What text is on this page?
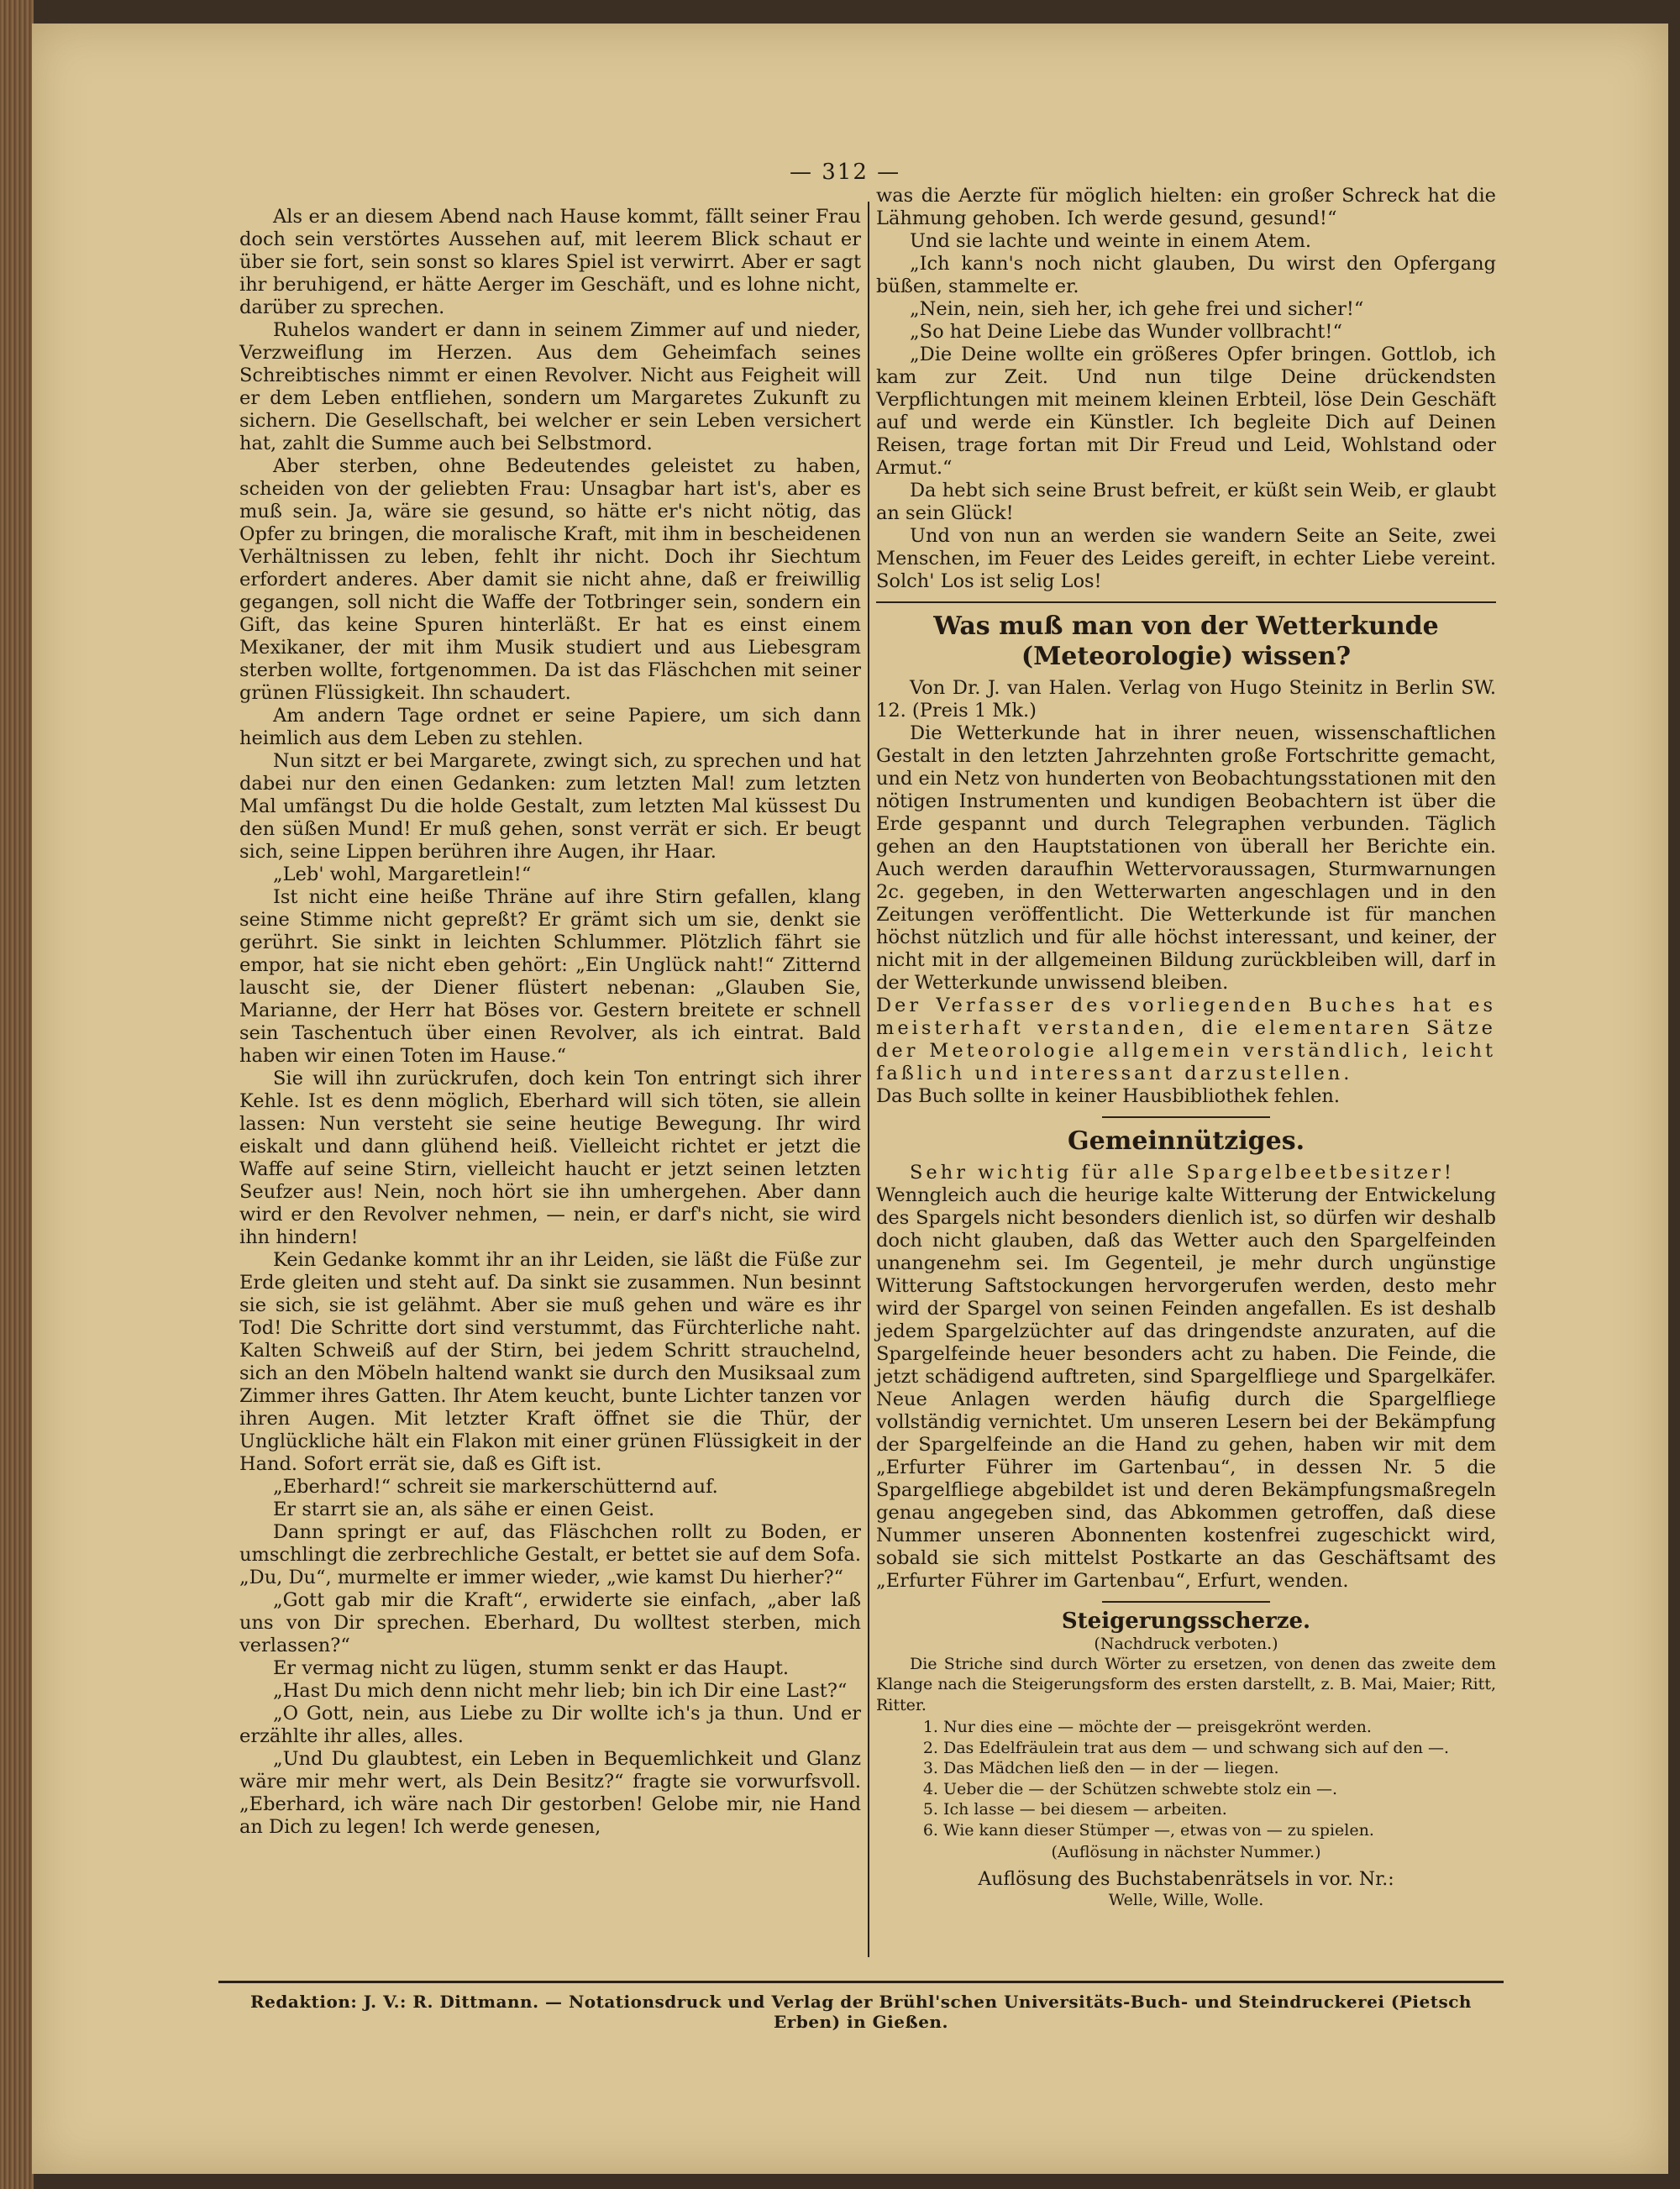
— 312 —

Als er an diesem Abend nach Hause kommt, fällt seiner Frau doch sein verstörtes Aussehen auf, mit leerem Blick schaut er über sie fort, sein sonst so klares Spiel ist verwirrt. Aber er sagt ihr beruhigend, er hätte Aerger im Geschäft, und es lohne nicht, darüber zu sprechen.

Ruhelos wandert er dann in seinem Zimmer auf und nieder, Verzweiflung im Herzen. Aus dem Geheimfach seines Schreibtisches nimmt er einen Revolver. Nicht aus Feigheit will er dem Leben entfliehen, sondern um Margaretes Zukunft zu sichern. Die Gesellschaft, bei welcher er sein Leben versichert hat, zahlt die Summe auch bei Selbstmord.

Aber sterben, ohne Bedeutendes geleistet zu haben, scheiden von der geliebten Frau: Unsagbar hart ist's, aber es muß sein. Ja, wäre sie gesund, so hätte er's nicht nötig, das Opfer zu bringen, die moralische Kraft, mit ihm in bescheidenen Verhältnissen zu leben, fehlt ihr nicht. Doch ihr Siechtum erfordert anderes. Aber damit sie nicht ahne, daß er freiwillig gegangen, soll nicht die Waffe der Totbringer sein, sondern ein Gift, das keine Spuren hinterläßt. Er hat es einst einem Mexikaner, der mit ihm Musik studiert und aus Liebesgram sterben wollte, fortgenommen. Da ist das Fläschchen mit seiner grünen Flüssigkeit. Ihn schaudert.

Am andern Tage ordnet er seine Papiere, um sich dann heimlich aus dem Leben zu stehlen.

Nun sitzt er bei Margarete, zwingt sich, zu sprechen und hat dabei nur den einen Gedanken: zum letzten Mal! zum letzten Mal umfängst Du die holde Gestalt, zum letzten Mal küssest Du den süßen Mund! Er muß gehen, sonst verrät er sich. Er beugt sich, seine Lippen berühren ihre Augen, ihr Haar.

„Leb' wohl, Margaretlein!“

Ist nicht eine heiße Thräne auf ihre Stirn gefallen, klang seine Stimme nicht gepreßt? Er grämt sich um sie, denkt sie gerührt. Sie sinkt in leichten Schlummer. Plötzlich fährt sie empor, hat sie nicht eben gehört: „Ein Unglück naht!“ Zitternd lauscht sie, der Diener flüstert nebenan: „Glauben Sie, Marianne, der Herr hat Böses vor. Gestern breitete er schnell sein Taschentuch über einen Revolver, als ich eintrat. Bald haben wir einen Toten im Hause.“

Sie will ihn zurückrufen, doch kein Ton entringt sich ihrer Kehle. Ist es denn möglich, Eberhard will sich töten, sie allein lassen: Nun versteht sie seine heutige Bewegung. Ihr wird eiskalt und dann glühend heiß. Vielleicht richtet er jetzt die Waffe auf seine Stirn, vielleicht haucht er jetzt seinen letzten Seufzer aus! Nein, noch hört sie ihn umhergehen. Aber dann wird er den Revolver nehmen, — nein, er darf's nicht, sie wird ihn hindern!

Kein Gedanke kommt ihr an ihr Leiden, sie läßt die Füße zur Erde gleiten und steht auf. Da sinkt sie zusammen. Nun besinnt sie sich, sie ist gelähmt. Aber sie muß gehen und wäre es ihr Tod! Die Schritte dort sind verstummt, das Fürchterliche naht. Kalten Schweiß auf der Stirn, bei jedem Schritt strauchelnd, sich an den Möbeln haltend wankt sie durch den Musiksaal zum Zimmer ihres Gatten. Ihr Atem keucht, bunte Lichter tanzen vor ihren Augen. Mit letzter Kraft öffnet sie die Thür, der Unglückliche hält ein Flakon mit einer grünen Flüssigkeit in der Hand. Sofort errät sie, daß es Gift ist.

„Eberhard!“ schreit sie markerschütternd auf.

Er starrt sie an, als sähe er einen Geist.

Dann springt er auf, das Fläschchen rollt zu Boden, er umschlingt die zerbrechliche Gestalt, er bettet sie auf dem Sofa. „Du, Du“, murmelte er immer wieder, „wie kamst Du hierher?“

„Gott gab mir die Kraft“, erwiderte sie einfach, „aber laß uns von Dir sprechen. Eberhard, Du wolltest sterben, mich verlassen?“

Er vermag nicht zu lügen, stumm senkt er das Haupt.

„Hast Du mich denn nicht mehr lieb; bin ich Dir eine Last?“

„O Gott, nein, aus Liebe zu Dir wollte ich's ja thun. Und er erzählte ihr alles, alles.

„Und Du glaubtest, ein Leben in Bequemlichkeit und Glanz wäre mir mehr wert, als Dein Besitz?“ fragte sie vorwurfsvoll. „Eberhard, ich wäre nach Dir gestorben! Gelobe mir, nie Hand an Dich zu legen! Ich werde genesen,

was die Aerzte für möglich hielten: ein großer Schreck hat die Lähmung gehoben. Ich werde gesund, gesund!“

Und sie lachte und weinte in einem Atem.

„Ich kann's noch nicht glauben, Du wirst den Opfergang büßen, stammelte er.

„Nein, nein, sieh her, ich gehe frei und sicher!“

„So hat Deine Liebe das Wunder vollbracht!“

„Die Deine wollte ein größeres Opfer bringen. Gottlob, ich kam zur Zeit. Und nun tilge Deine drückendsten Verpflichtungen mit meinem kleinen Erbteil, löse Dein Geschäft auf und werde ein Künstler. Ich begleite Dich auf Deinen Reisen, trage fortan mit Dir Freud und Leid, Wohlstand oder Armut.“

Da hebt sich seine Brust befreit, er küßt sein Weib, er glaubt an sein Glück!

Und von nun an werden sie wandern Seite an Seite, zwei Menschen, im Feuer des Leides gereift, in echter Liebe vereint. Solch' Los ist selig Los!

Was muß man von der Wetterkunde (Meteorologie) wissen?

Von Dr. J. van Halen. Verlag von Hugo Steinitz in Berlin SW. 12. (Preis 1 Mk.)

Die Wetterkunde hat in ihrer neuen, wissenschaftlichen Gestalt in den letzten Jahrzehnten große Fortschritte gemacht, und ein Netz von hunderten von Beobachtungsstationen mit den nötigen Instrumenten und kundigen Beobachtern ist über die Erde gespannt und durch Telegraphen verbunden. Täglich gehen an den Hauptstationen von überall her Berichte ein. Auch werden daraufhin Wettervoraussagen, Sturmwarnungen 2c. gegeben, in den Wetterwarten angeschlagen und in den Zeitungen veröffentlicht. Die Wetterkunde ist für manchen höchst nützlich und für alle höchst interessant, und keiner, der nicht mit in der allgemeinen Bildung zurückbleiben will, darf in der Wetterkunde unwissend bleiben.

Der Verfasser des vorliegenden Buches hat es meisterhaft verstanden, die elementaren Sätze der Meteorologie allgemein verständlich, leicht faßlich und interessant darzustellen.

Das Buch sollte in keiner Hausbibliothek fehlen.

Gemeinnütziges.

Sehr wichtig für alle Spargelbeetbesitzer!

Wenngleich auch die heurige kalte Witterung der Entwickelung des Spargels nicht besonders dienlich ist, so dürfen wir deshalb doch nicht glauben, daß das Wetter auch den Spargelfeinden unangenehm sei. Im Gegenteil, je mehr durch ungünstige Witterung Saftstockungen hervorgerufen werden, desto mehr wird der Spargel von seinen Feinden angefallen. Es ist deshalb jedem Spargelzüchter auf das dringendste anzuraten, auf die Spargelfeinde heuer besonders acht zu haben. Die Feinde, die jetzt schädigend auftreten, sind Spargelfliege und Spargelkäfer. Neue Anlagen werden häufig durch die Spargelfliege vollständig vernichtet. Um unseren Lesern bei der Bekämpfung der Spargelfeinde an die Hand zu gehen, haben wir mit dem „Erfurter Führer im Gartenbau“, in dessen Nr. 5 die Spargelfliege abgebildet ist und deren Bekämpfungsmaßregeln genau angegeben sind, das Abkommen getroffen, daß diese Nummer unseren Abonnenten kostenfrei zugeschickt wird, sobald sie sich mittelst Postkarte an das Geschäftsamt des „Erfurter Führer im Gartenbau“, Erfurt, wenden.

Steigerungsscherze.
(Nachdruck verboten.)

Die Striche sind durch Wörter zu ersetzen, von denen das zweite dem Klange nach die Steigerungsform des ersten darstellt, z. B. Mai, Maier; Ritt, Ritter.

1. Nur dies eine — möchte der — preisgekrönt werden.
2. Das Edelfräulein trat aus dem — und schwang sich auf den —.
3. Das Mädchen ließ den — in der — liegen.
4. Ueber die — der Schützen schwebte stolz ein —.
5. Ich lasse — bei diesem — arbeiten.
6. Wie kann dieser Stümper —, etwas von — zu spielen.
(Auflösung in nächster Nummer.)
Auflösung des Buchstabenrätsels in vor. Nr.:
Welle, Wille, Wolle.
Redaktion: J. V.: R. Dittmann. — Notationsdruck und Verlag der Brühl'schen Universitäts-Buch- und Steindruckerei (Pietsch Erben) in Gießen.
